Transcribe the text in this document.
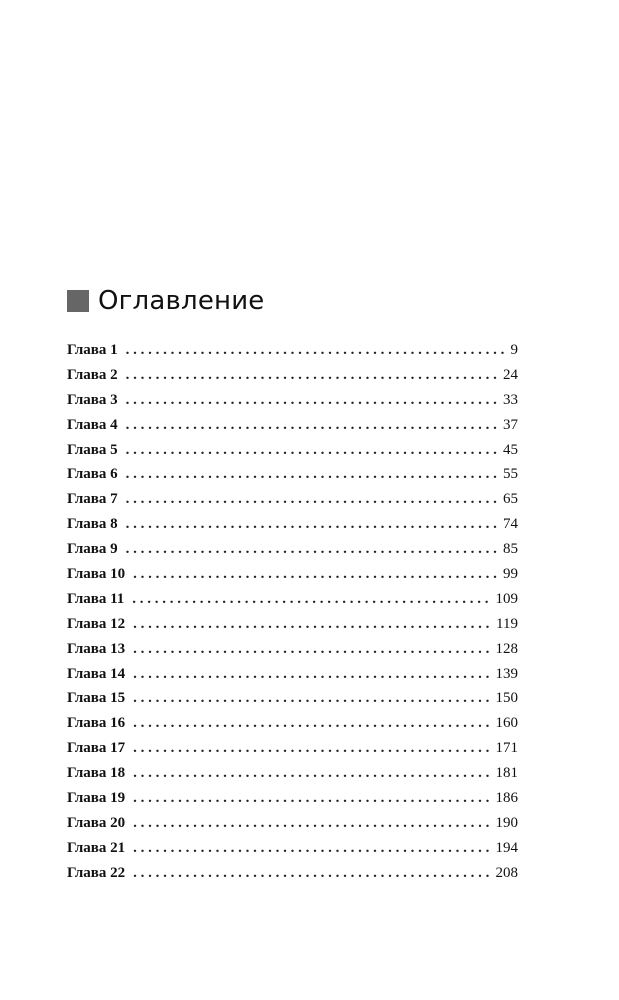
Оглавление
Глава 1 . . .	9
Глава 2 . . .	24
Глава 3 . . .	33
Глава 4 . . .	37
Глава 5 . . .	45
Глава 6 . . .	55
Глава 7 . . .	65
Глава 8 . . .	74
Глава 9 . . .	85
Глава 10 . . .	99
Глава 11 . . .	109
Глава 12 . . .	119
Глава 13 . . .	128
Глава 14 . . .	139
Глава 15 . . .	150
Глава 16 . . .	160
Глава 17 . . .	171
Глава 18 . . .	181
Глава 19 . . .	186
Глава 20 . . .	190
Глава 21 . . .	194
Глава 22 . . .	208
